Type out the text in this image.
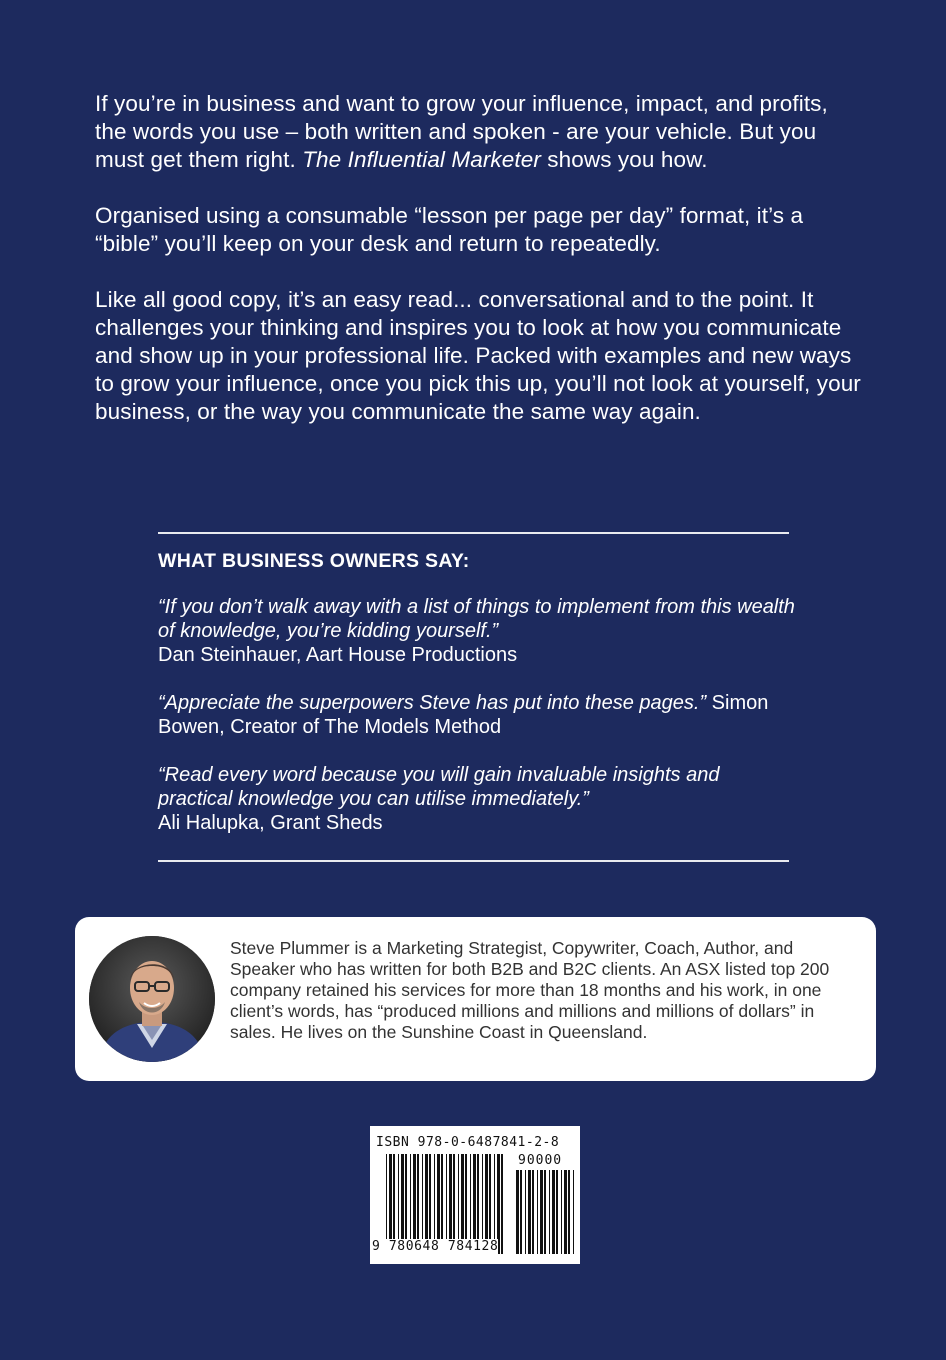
If you’re in business and want to grow your influence, impact, and profits, the words you use – both written and spoken - are your vehicle. But you must get them right. The Influential Marketer shows you how.

Organised using a consumable “lesson per page per day” format, it’s a “bible” you’ll keep on your desk and return to repeatedly.

Like all good copy, it’s an easy read... conversational and to the point. It challenges your thinking and inspires you to look at how you communicate and show up in your professional life. Packed with examples and new ways to grow your influence, once you pick this up, you’ll not look at yourself, your business, or the way you communicate the same way again.

WHAT BUSINESS OWNERS SAY:

“If you don’t walk away with a list of things to implement from this wealth of knowledge, you’re kidding yourself.”
Dan Steinhauer, Aart House Productions

“Appreciate the superpowers Steve has put into these pages.” Simon Bowen, Creator of The Models Method

“Read every word because you will gain invaluable insights and practical knowledge you can utilise immediately.”
Ali Halupka, Grant Sheds

Steve Plummer is a Marketing Strategist, Copywriter, Coach, Author, and Speaker who has written for both B2B and B2C clients. An ASX listed top 200 company retained his services for more than 18 months and his work, in one client’s words, has “produced millions and millions and millions of dollars” in sales. He lives on the Sunshine Coast in Queensland.
ISBN 978-0-6487841-2-8
90000
9 780648 784128
